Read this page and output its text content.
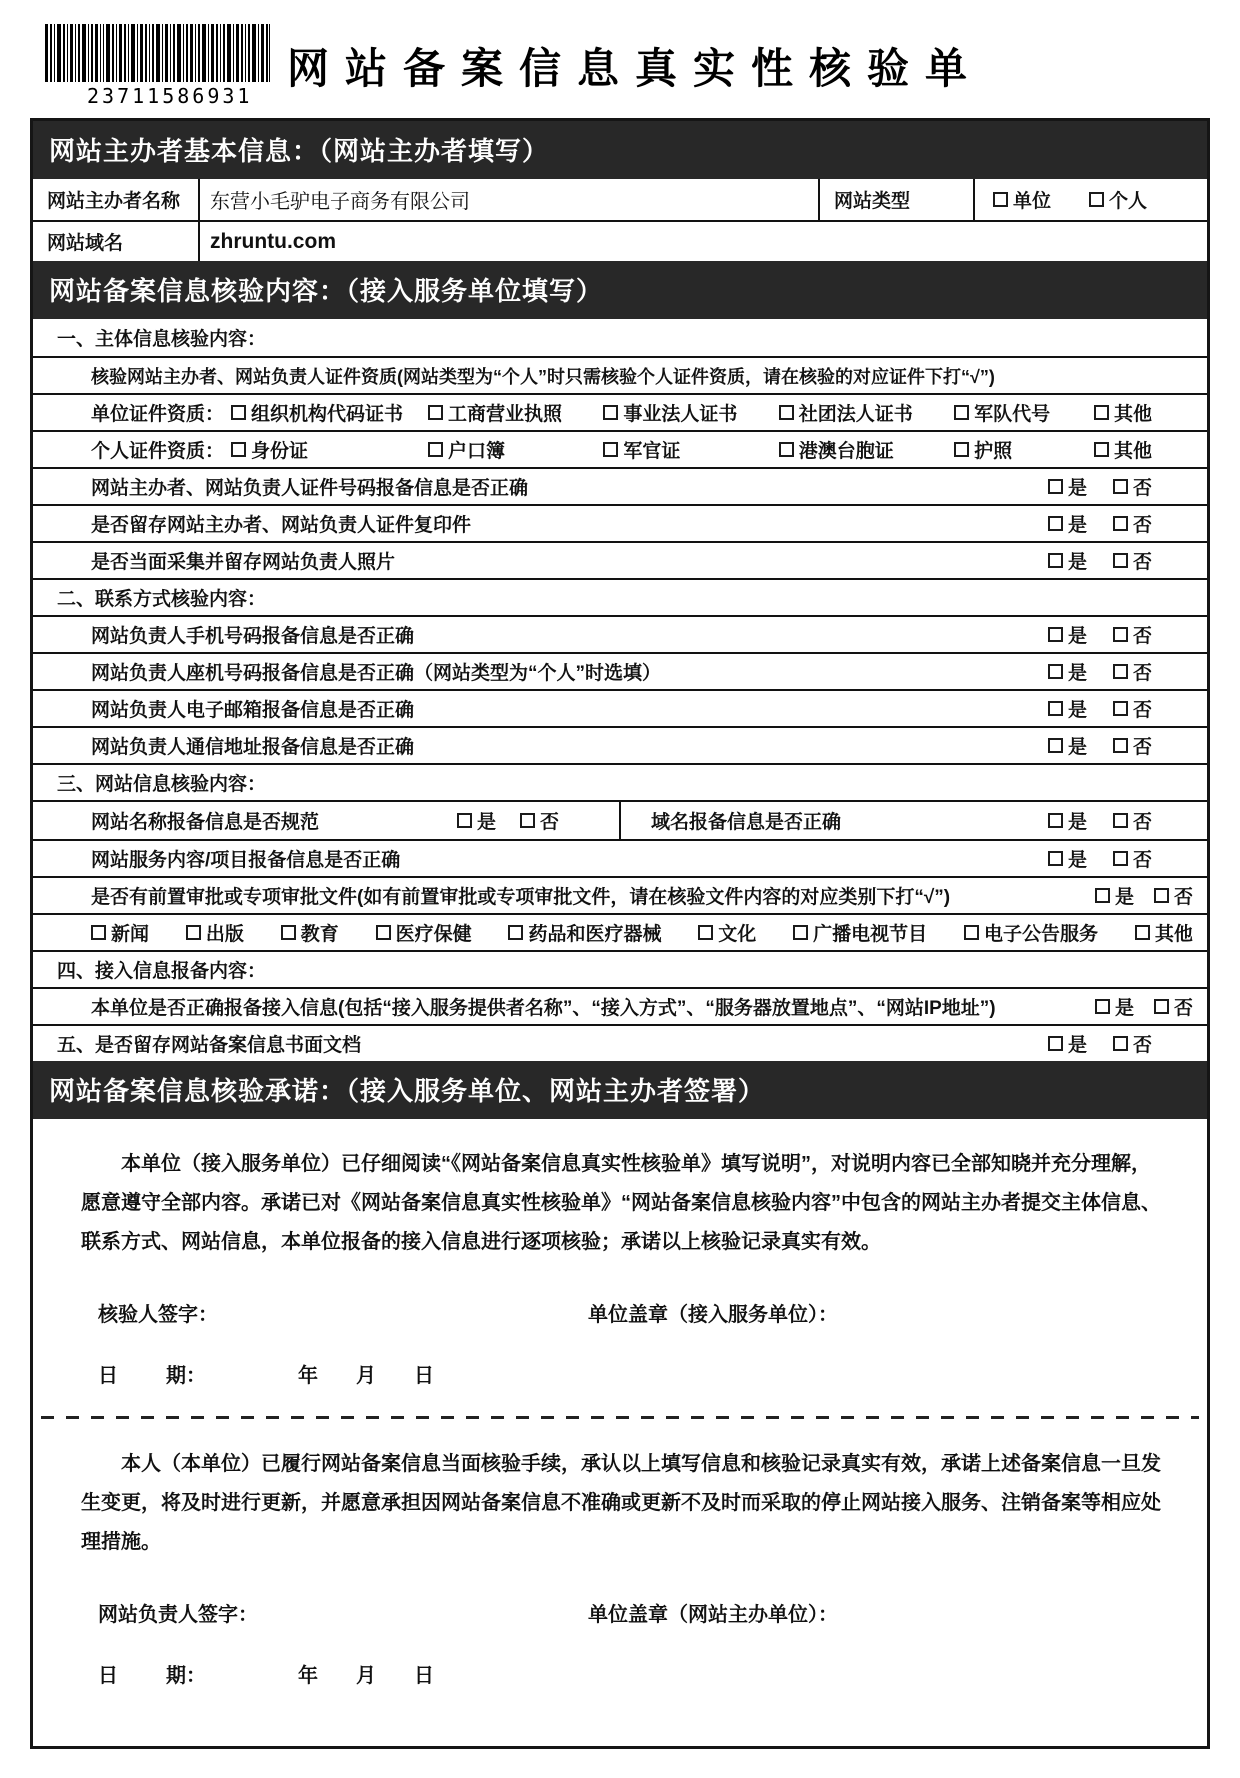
23711586931
网站备案信息真实性核验单
网站主办者基本信息：（网站主办者填写）
网站主办者名称	东营小毛驴电子商务有限公司	网站类型	单位	个人
网站域名	zhruntu.com
网站备案信息核验内容：（接入服务单位填写）
一、主体信息核验内容：
核验网站主办者、网站负责人证件资质(网站类型为“个人”时只需核验个人证件资质，请在核验的对应证件下打“√”)
单位证件资质：	组织机构代码证书 工商营业执照	事业法人证书	社团法人证书	军队代号	其他
个人证件资质：	身份证	户口簿	军官证	港澳台胞证	护照	其他
网站主办者、网站负责人证件号码报备信息是否正确	是 否
是否留存网站主办者、网站负责人证件复印件	是 否
是否当面采集并留存网站负责人照片	是 否
二、联系方式核验内容：
网站负责人手机号码报备信息是否正确	是 否
网站负责人座机号码报备信息是否正确（网站类型为“个人”时选填）	是 否
网站负责人电子邮箱报备信息是否正确	是 否
网站负责人通信地址报备信息是否正确	是 否
三、网站信息核验内容：
网站名称报备信息是否规范	是 否	域名报备信息是否正确	是 否
网站服务内容/项目报备信息是否正确	是 否
是否有前置审批或专项审批文件(如有前置审批或专项审批文件，请在核验文件内容的对应类别下打“√”)	是 否
新闻	出版	教育	医疗保健	药品和医疗器械	文化	广播电视节目	电子公告服务	其他
四、接入信息报备内容：
本单位是否正确报备接入信息(包括“接入服务提供者名称”、“接入方式”、“服务器放置地点”、“网站IP地址”)	是 否
五、是否留存网站备案信息书面文档	是 否
网站备案信息核验承诺：（接入服务单位、网站主办者签署）

本单位（接入服务单位）已仔细阅读“《网站备案信息真实性核验单》填写说明”，对说明内容已全部知晓并充分理解，愿意遵守全部内容。承诺已对《网站备案信息真实性核验单》“网站备案信息核验内容”中包含的网站主办者提交主体信息、联系方式、网站信息，本单位报备的接入信息进行逐项核验；承诺以上核验记录真实有效。

核验人签字：	单位盖章（接入服务单位）：
日 期：	年 月 日

本人（本单位）已履行网站备案信息当面核验手续，承认以上填写信息和核验记录真实有效，承诺上述备案信息一旦发生变更，将及时进行更新，并愿意承担因网站备案信息不准确或更新不及时而采取的停止网站接入服务、注销备案等相应处理措施。

网站负责人签字：	单位盖章（网站主办单位）：
日 期：	年 月 日
